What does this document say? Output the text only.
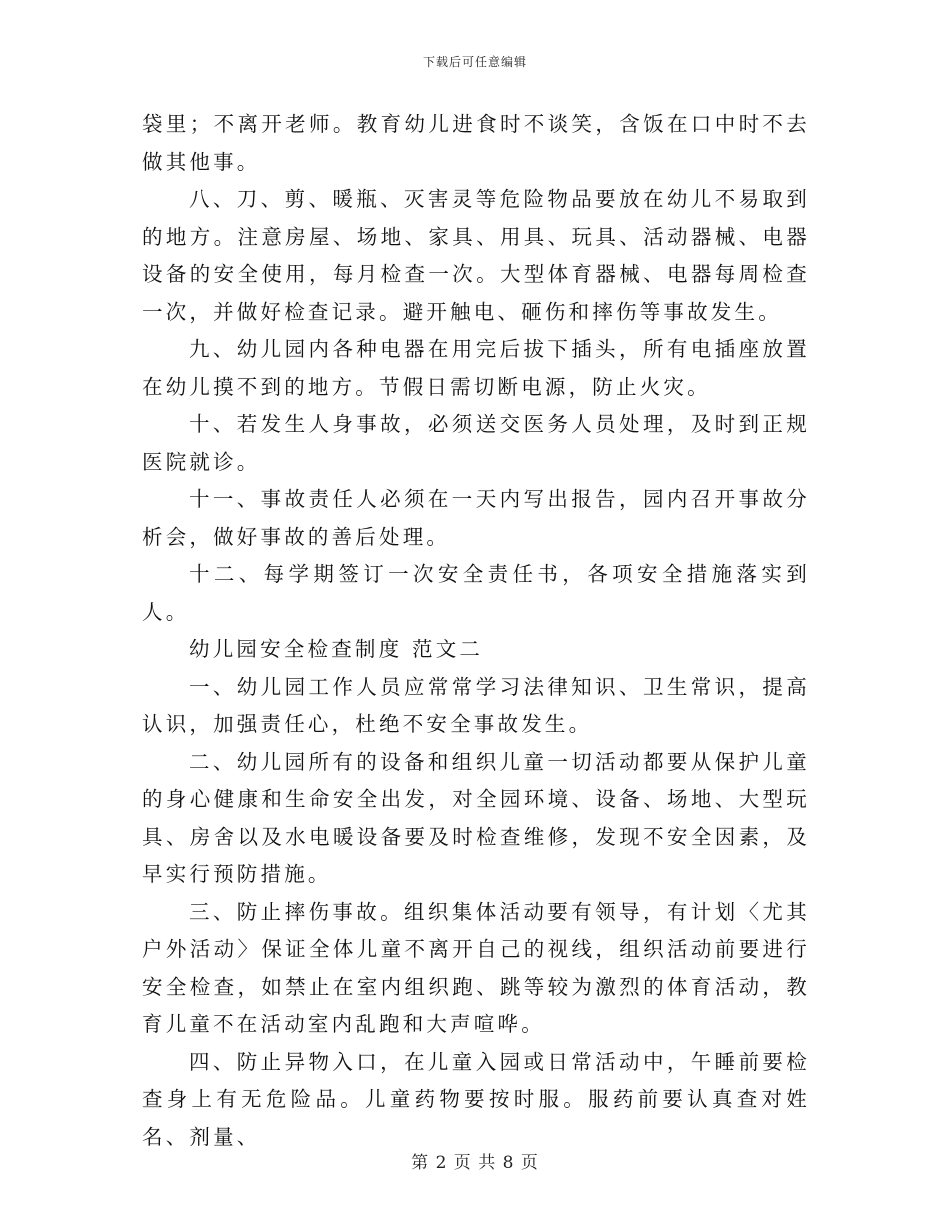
下载后可任意编辑

袋里；不离开老师。教育幼儿进食时不谈笑，含饭在口中时不去做其他事。

八、刀、剪、暖瓶、灭害灵等危险物品要放在幼儿不易取到的地方。注意房屋、场地、家具、用具、玩具、活动器械、电器设备的安全使用，每月检查一次。大型体育器械、电器每周检查一次，并做好检查记录。避开触电、砸伤和摔伤等事故发生。

九、幼儿园内各种电器在用完后拔下插头，所有电插座放置在幼儿摸不到的地方。节假日需切断电源，防止火灾。

十、若发生人身事故，必须送交医务人员处理，及时到正规医院就诊。

十一、事故责任人必须在一天内写出报告，园内召开事故分析会，做好事故的善后处理。

十二、每学期签订一次安全责任书，各项安全措施落实到人。

幼儿园安全检查制度 范文二

一、幼儿园工作人员应常常学习法律知识、卫生常识，提高认识，加强责任心，杜绝不安全事故发生。

二、幼儿园所有的设备和组织儿童一切活动都要从保护儿童的身心健康和生命安全出发，对全园环境、设备、场地、大型玩具、房舍以及水电暖设备要及时检查维修，发现不安全因素，及早实行预防措施。

三、防止摔伤事故。组织集体活动要有领导，有计划〈尤其户外活动〉保证全体儿童不离开自己的视线，组织活动前要进行安全检查，如禁止在室内组织跑、跳等较为激烈的体育活动，教育儿童不在活动室内乱跑和大声喧哗。

四、防止异物入口，在儿童入园或日常活动中，午睡前要检查身上有无危险品。儿童药物要按时服。服药前要认真查对姓名、剂量、

第 2 页 共 8 页
